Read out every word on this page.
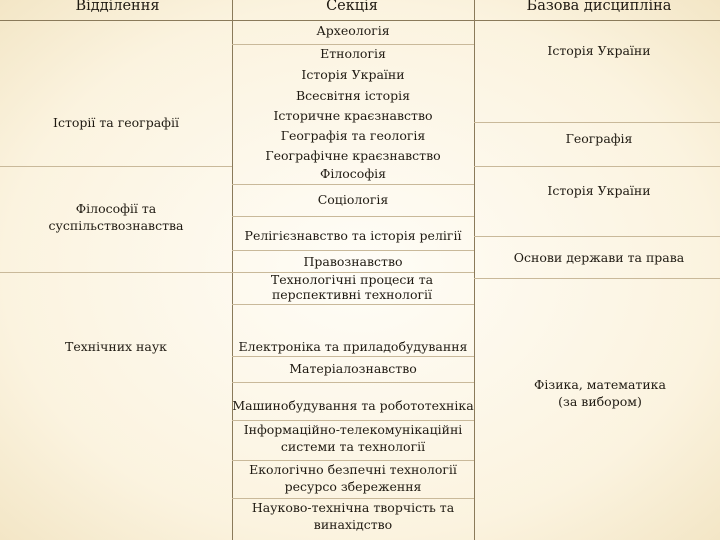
Відділення	Секція	Базова дисципліна
Історії та географії
Філософії та суспільствознавства
Технічних наук
Археологія
Етнологія
Історія України
Всесвітня історія
Історичне краєзнавство
Географія та геологія
Географічне краєзнавство
Філософія
Соціологія
Релігієзнавство та історія релігії
Правознавство
Технологічні процеси та перспективні технології
Електроніка та приладобудування
Матеріалознавство
Машинобудування та робототехніка
Інформаційно-телекомунікаційні системи та технології
Екологічно безпечні технології ресурсо збереження
Науково-технічна творчість та винахідство
Історія України
Географія
Історія України
Основи держави та права
Фізика, математика (за вибором)
